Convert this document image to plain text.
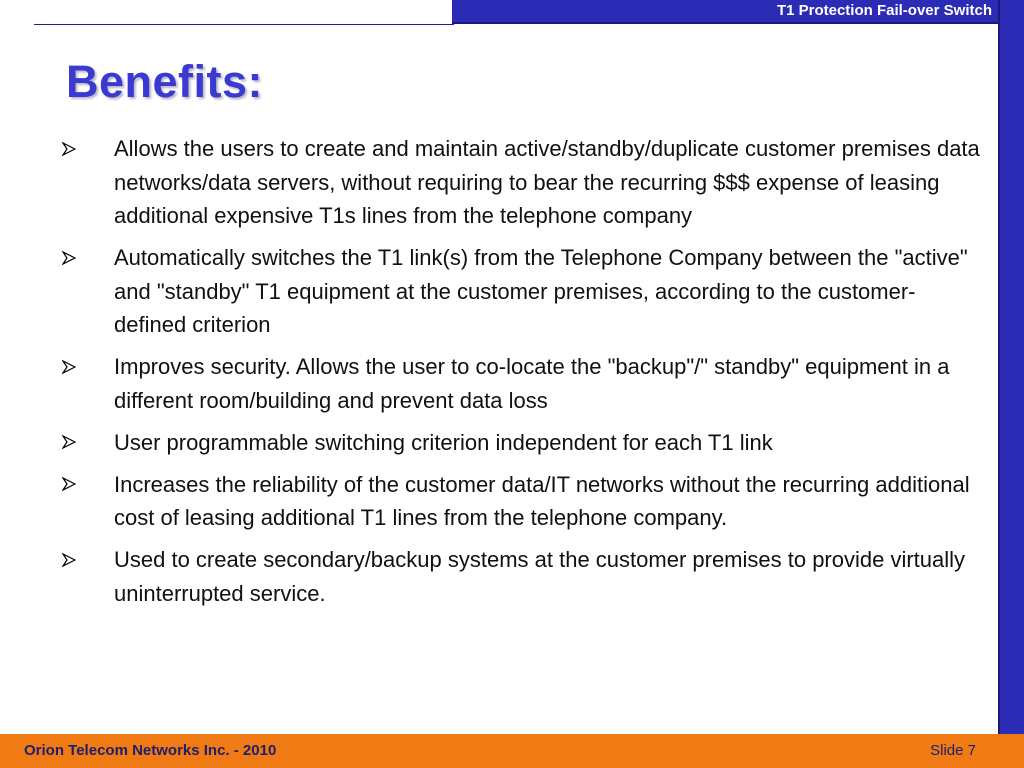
T1 Protection Fail-over Switch
Benefits:
Allows the users to create and maintain active/standby/duplicate customer premises data networks/data servers, without requiring to bear the recurring $$$ expense of leasing additional expensive T1s lines from the telephone company
Automatically switches the T1 link(s) from the Telephone Company between the "active" and "standby" T1 equipment at the customer premises, according to the customer-defined criterion
Improves security. Allows the user to co-locate the "backup"/" standby" equipment in a different room/building and prevent data loss
User programmable switching criterion independent for each T1 link
Increases the reliability of the customer data/IT networks without the recurring additional cost of leasing additional T1 lines from the telephone company.
Used to create secondary/backup systems at the customer premises to provide virtually uninterrupted service.
Orion Telecom Networks Inc. - 2010	Slide 7
